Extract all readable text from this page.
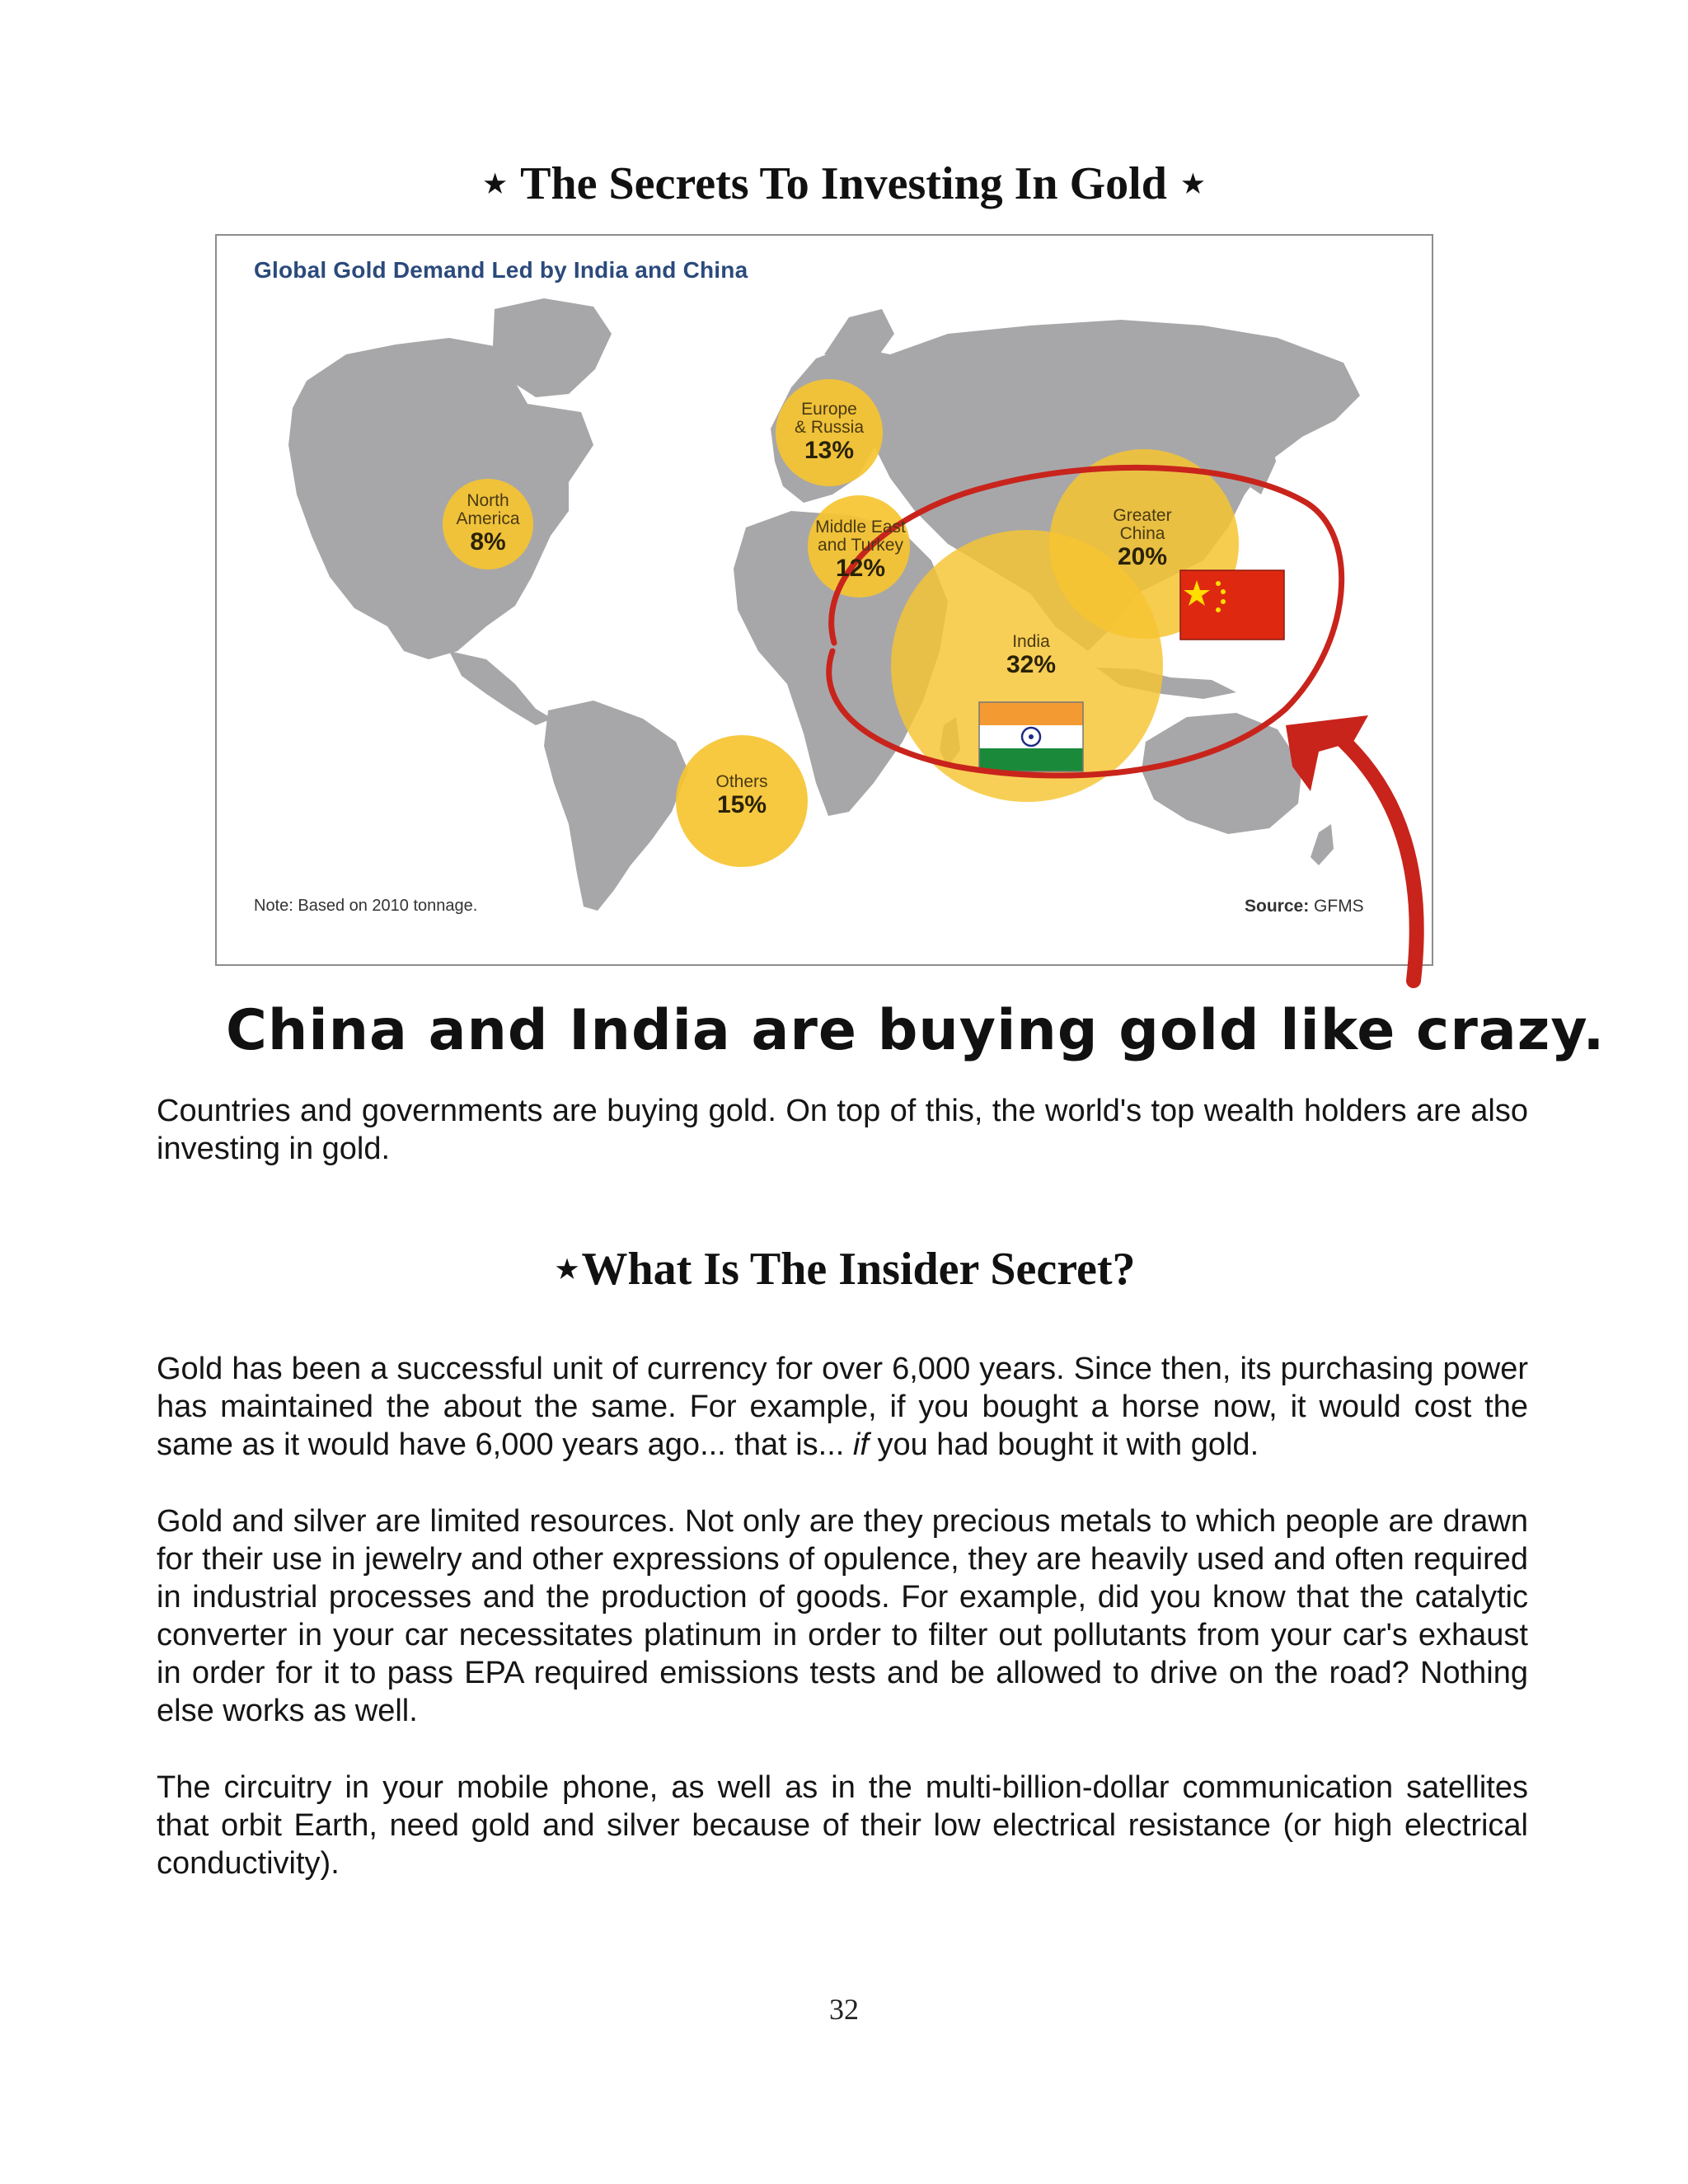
⋆ The Secrets To Investing In Gold ⋆
Global Gold Demand Led by India and China
Note: Based on 2010 tonnage.	Source: GFMS
North
America
8%
Europe
& Russia
13%
Middle East
and Turkey
12%
Greater
China
20%
India
32%
Others
15%
China and India are buying gold like crazy.

Countries and governments are buying gold. On top of this, the world's top wealth holders are also investing in gold.

⋆What Is The Insider Secret?

Gold has been a successful unit of currency for over 6,000 years. Since then, its purchasing power has maintained the about the same. For example, if you bought a horse now, it would cost the same as it would have 6,000 years ago... that is... if you had bought it with gold.

Gold and silver are limited resources. Not only are they precious metals to which people are drawn for their use in jewelry and other expressions of opulence, they are heavily used and often required in industrial processes and the production of goods. For example, did you know that the catalytic converter in your car necessitates platinum in order to filter out pollutants from your car's exhaust in order for it to pass EPA required emissions tests and be allowed to drive on the road? Nothing else works as well.

The circuitry in your mobile phone, as well as in the multi-billion-dollar communication satellites that orbit Earth, need gold and silver because of their low electrical resistance (or high electrical conductivity).

32
